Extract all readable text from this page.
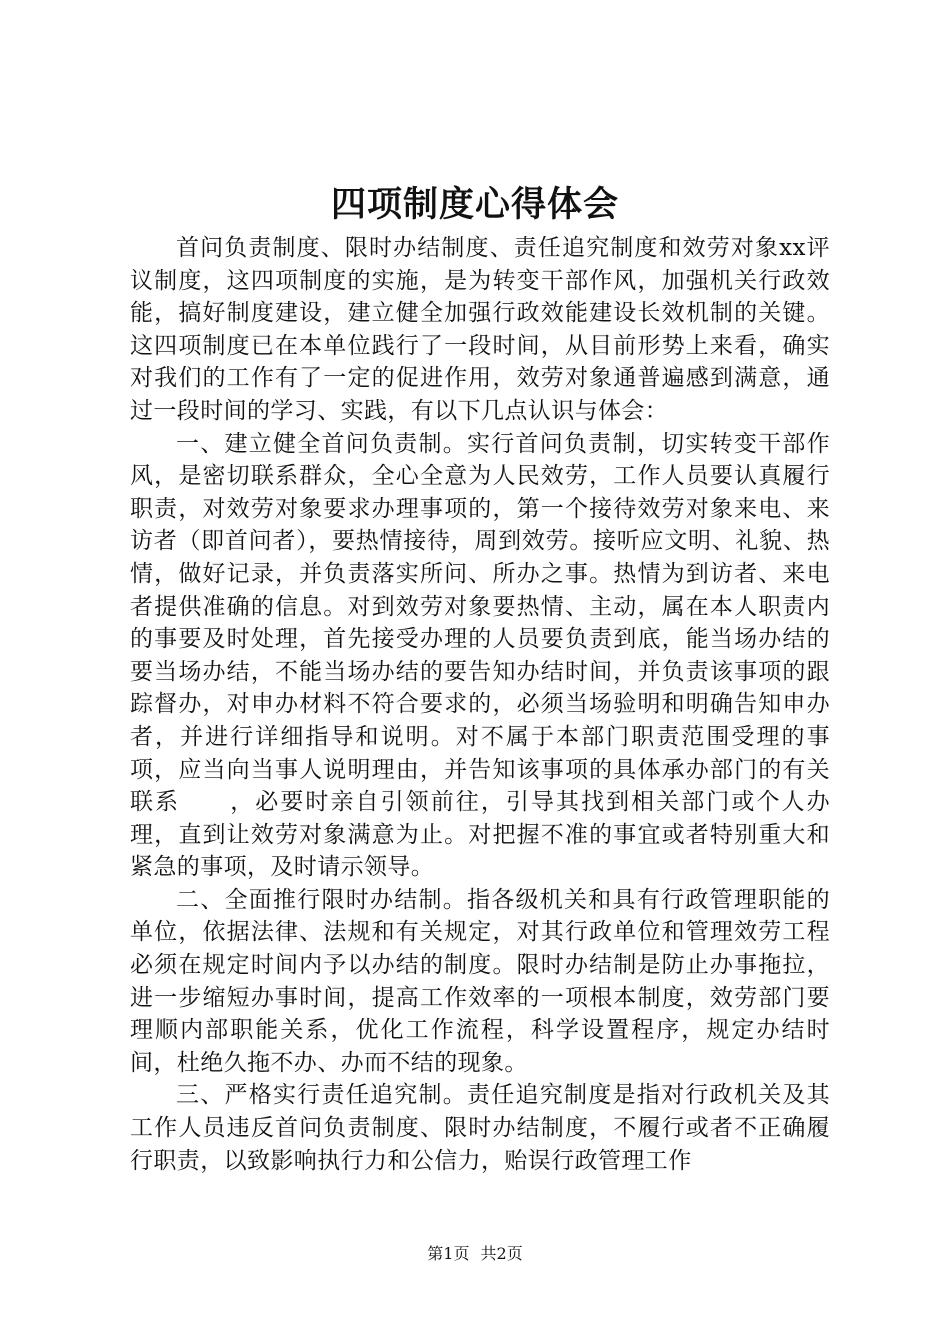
四项制度心得体会

首问负责制度、限时办结制度、责任追究制度和效劳对象xx评议制度，这四项制度的实施，是为转变干部作风，加强机关行政效能，搞好制度建设，建立健全加强行政效能建设长效机制的关键。这四项制度已在本单位践行了一段时间，从目前形势上来看，确实对我们的工作有了一定的促进作用，效劳对象通普遍感到满意，通过一段时间的学习、实践，有以下几点认识与体会：

一、建立健全首问负责制。实行首问负责制，切实转变干部作风，是密切联系群众，全心全意为人民效劳，工作人员要认真履行职责，对效劳对象要求办理事项的，第一个接待效劳对象来电、来访者（即首问者），要热情接待，周到效劳。接听应文明、礼貌、热情，做好记录，并负责落实所问、所办之事。热情为到访者、来电者提供准确的信息。对到效劳对象要热情、主动，属在本人职责内的事要及时处理，首先接受办理的人员要负责到底，能当场办结的要当场办结，不能当场办结的要告知办结时间，并负责该事项的跟踪督办，对申办材料不符合要求的，必须当场验明和明确告知申办者，并进行详细指导和说明。对不属于本部门职责范围受理的事项，应当向当事人说明理由，并告知该事项的具体承办部门的有关联系　　，必要时亲自引领前往，引导其找到相关部门或个人办理，直到让效劳对象满意为止。对把握不准的事宜或者特别重大和紧急的事项，及时请示领导。

二、全面推行限时办结制。指各级机关和具有行政管理职能的单位，依据法律、法规和有关规定，对其行政单位和管理效劳工程必须在规定时间内予以办结的制度。限时办结制是防止办事拖拉，进一步缩短办事时间，提高工作效率的一项根本制度，效劳部门要理顺内部职能关系，优化工作流程，科学设置程序，规定办结时间，杜绝久拖不办、办而不结的现象。

三、严格实行责任追究制。责任追究制度是指对行政机关及其工作人员违反首问负责制度、限时办结制度，不履行或者不正确履行职责，以致影响执行力和公信力，贻误行政管理工作

第1页 共2页
